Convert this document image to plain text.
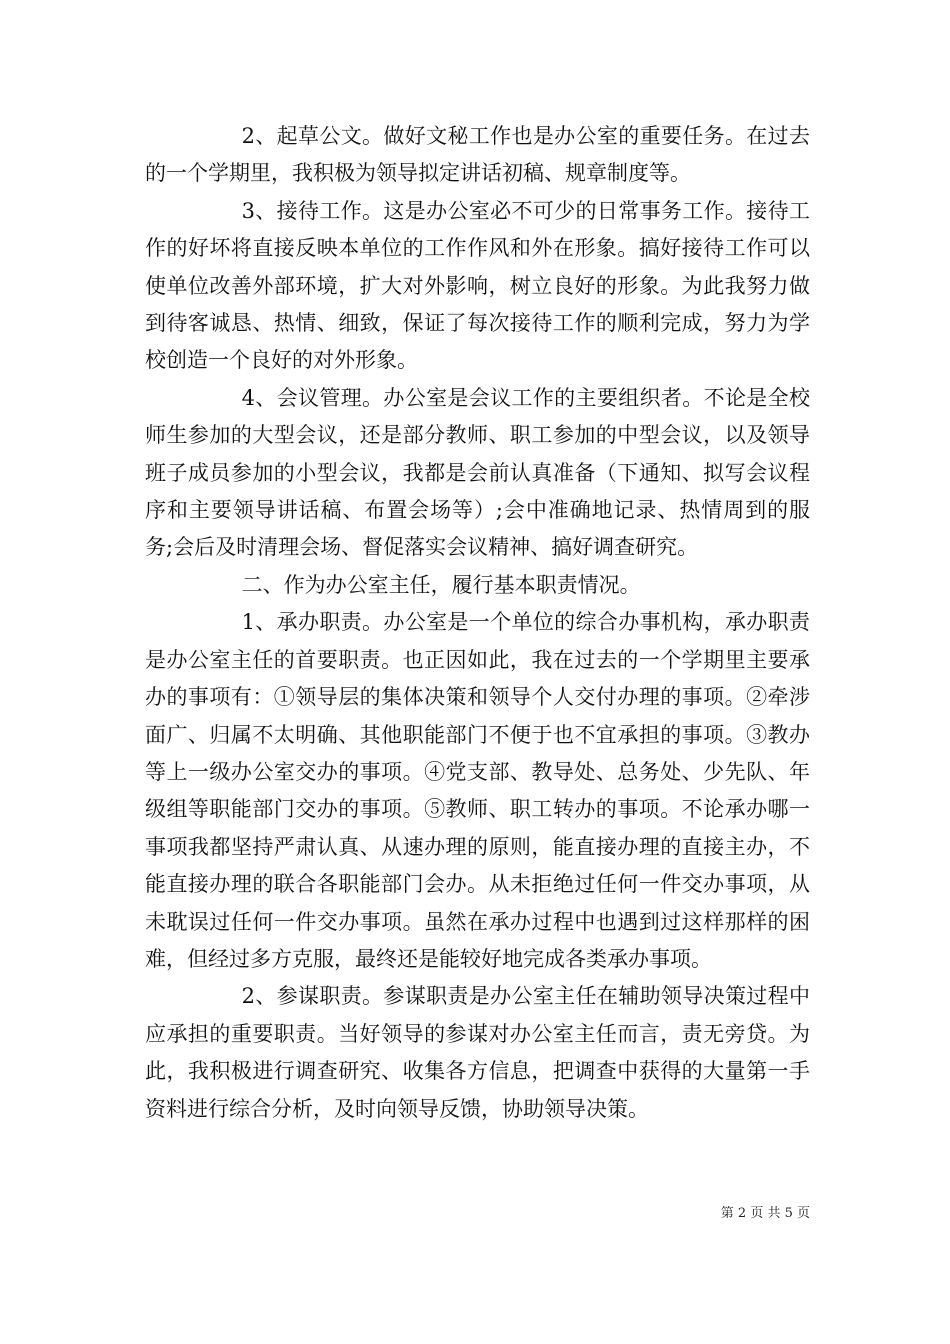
2、起草公文。做好文秘工作也是办公室的重要任务。在过去的一个学期里，我积极为领导拟定讲话初稿、规章制度等。

3、接待工作。这是办公室必不可少的日常事务工作。接待工作的好坏将直接反映本单位的工作作风和外在形象。搞好接待工作可以使单位改善外部环境，扩大对外影响，树立良好的形象。为此我努力做到待客诚恳、热情、细致，保证了每次接待工作的顺利完成，努力为学校创造一个良好的对外形象。

4、会议管理。办公室是会议工作的主要组织者。不论是全校师生参加的大型会议，还是部分教师、职工参加的中型会议，以及领导班子成员参加的小型会议，我都是会前认真准备（下通知、拟写会议程序和主要领导讲话稿、布置会场等）;会中准确地记录、热情周到的服务;会后及时清理会场、督促落实会议精神、搞好调查研究。

二、作为办公室主任，履行基本职责情况。

1、承办职责。办公室是一个单位的综合办事机构，承办职责是办公室主任的首要职责。也正因如此，我在过去的一个学期里主要承办的事项有：①领导层的集体决策和领导个人交付办理的事项。②牵涉面广、归属不太明确、其他职能部门不便于也不宜承担的事项。③教办等上一级办公室交办的事项。④党支部、教导处、总务处、少先队、年级组等职能部门交办的事项。⑤教师、职工转办的事项。不论承办哪一事项我都坚持严肃认真、从速办理的原则，能直接办理的直接主办，不能直接办理的联合各职能部门会办。从未拒绝过任何一件交办事项，从未耽误过任何一件交办事项。虽然在承办过程中也遇到过这样那样的困难，但经过多方克服，最终还是能较好地完成各类承办事项。

2、参谋职责。参谋职责是办公室主任在辅助领导决策过程中应承担的重要职责。当好领导的参谋对办公室主任而言，责无旁贷。为此，我积极进行调查研究、收集各方信息，把调查中获得的大量第一手资料进行综合分析，及时向领导反馈，协助领导决策。

第 2 页 共 5 页
